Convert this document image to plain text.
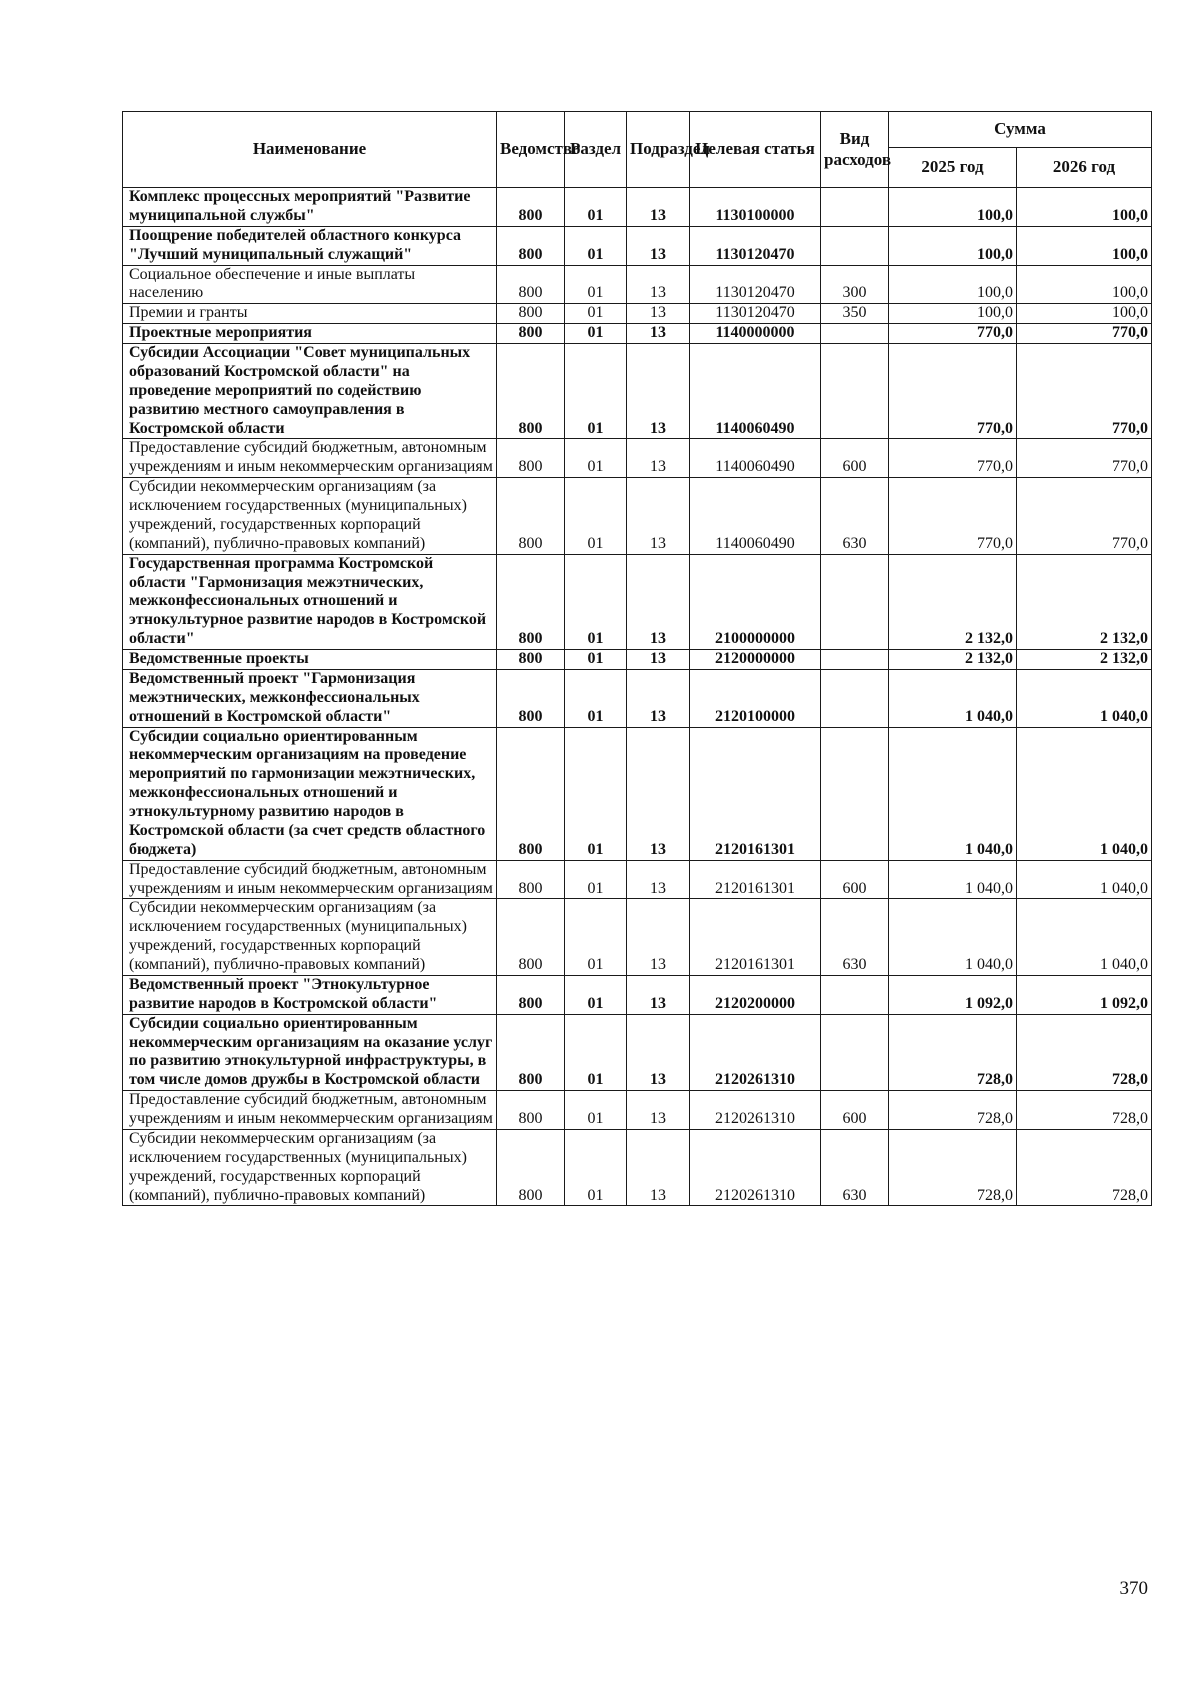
Наименование	Ведомство	Раздел	Подраздел	Целевая статья	Вид расходов	Сумма	
						2025 год	2026 год
Комплекс процессных мероприятий "Развитие муниципальной службы"	800	01	13	1130100000		100,0	100,0
Поощрение победителей областного конкурса "Лучший муниципальный служащий"	800	01	13	1130120470		100,0	100,0
Социальное обеспечение и иные выплаты населению	800	01	13	1130120470	300	100,0	100,0
Премии и гранты	800	01	13	1130120470	350	100,0	100,0
Проектные мероприятия	800	01	13	1140000000		770,0	770,0
Субсидии Ассоциации "Совет муниципальных образований Костромской области" на проведение мероприятий по содействию развитию местного самоуправления в Костромской области	800	01	13	1140060490		770,0	770,0
Предоставление субсидий бюджетным, автономным учреждениям и иным некоммерческим организациям	800	01	13	1140060490	600	770,0	770,0
Субсидии некоммерческим организациям (за исключением государственных (муниципальных) учреждений, государственных корпораций (компаний), публично-правовых компаний)	800	01	13	1140060490	630	770,0	770,0
Государственная программа Костромской области "Гармонизация межэтнических, межконфессиональных отношений и этнокультурное развитие народов в Костромской области"	800	01	13	2100000000		2 132,0	2 132,0
Ведомственные проекты	800	01	13	2120000000		2 132,0	2 132,0
Ведомственный проект "Гармонизация межэтнических, межконфессиональных отношений в Костромской области"	800	01	13	2120100000		1 040,0	1 040,0
Субсидии социально ориентированным некоммерческим организациям на проведение мероприятий по гармонизации межэтнических, межконфессиональных отношений и этнокультурному развитию народов в Костромской области (за счет средств областного бюджета)	800	01	13	2120161301		1 040,0	1 040,0
Предоставление субсидий бюджетным, автономным учреждениям и иным некоммерческим организациям	800	01	13	2120161301	600	1 040,0	1 040,0
Субсидии некоммерческим организациям (за исключением государственных (муниципальных) учреждений, государственных корпораций (компаний), публично-правовых компаний)	800	01	13	2120161301	630	1 040,0	1 040,0
Ведомственный проект "Этнокультурное развитие народов в Костромской области"	800	01	13	2120200000		1 092,0	1 092,0
Субсидии социально ориентированным некоммерческим организациям на оказание услуг по развитию этнокультурной инфраструктуры, в том числе домов дружбы в Костромской области	800	01	13	2120261310		728,0	728,0
Предоставление субсидий бюджетным, автономным учреждениям и иным некоммерческим организациям	800	01	13	2120261310	600	728,0	728,0
Субсидии некоммерческим организациям (за исключением государственных (муниципальных) учреждений, государственных корпораций (компаний), публично-правовых компаний)	800	01	13	2120261310	630	728,0	728,0
370
